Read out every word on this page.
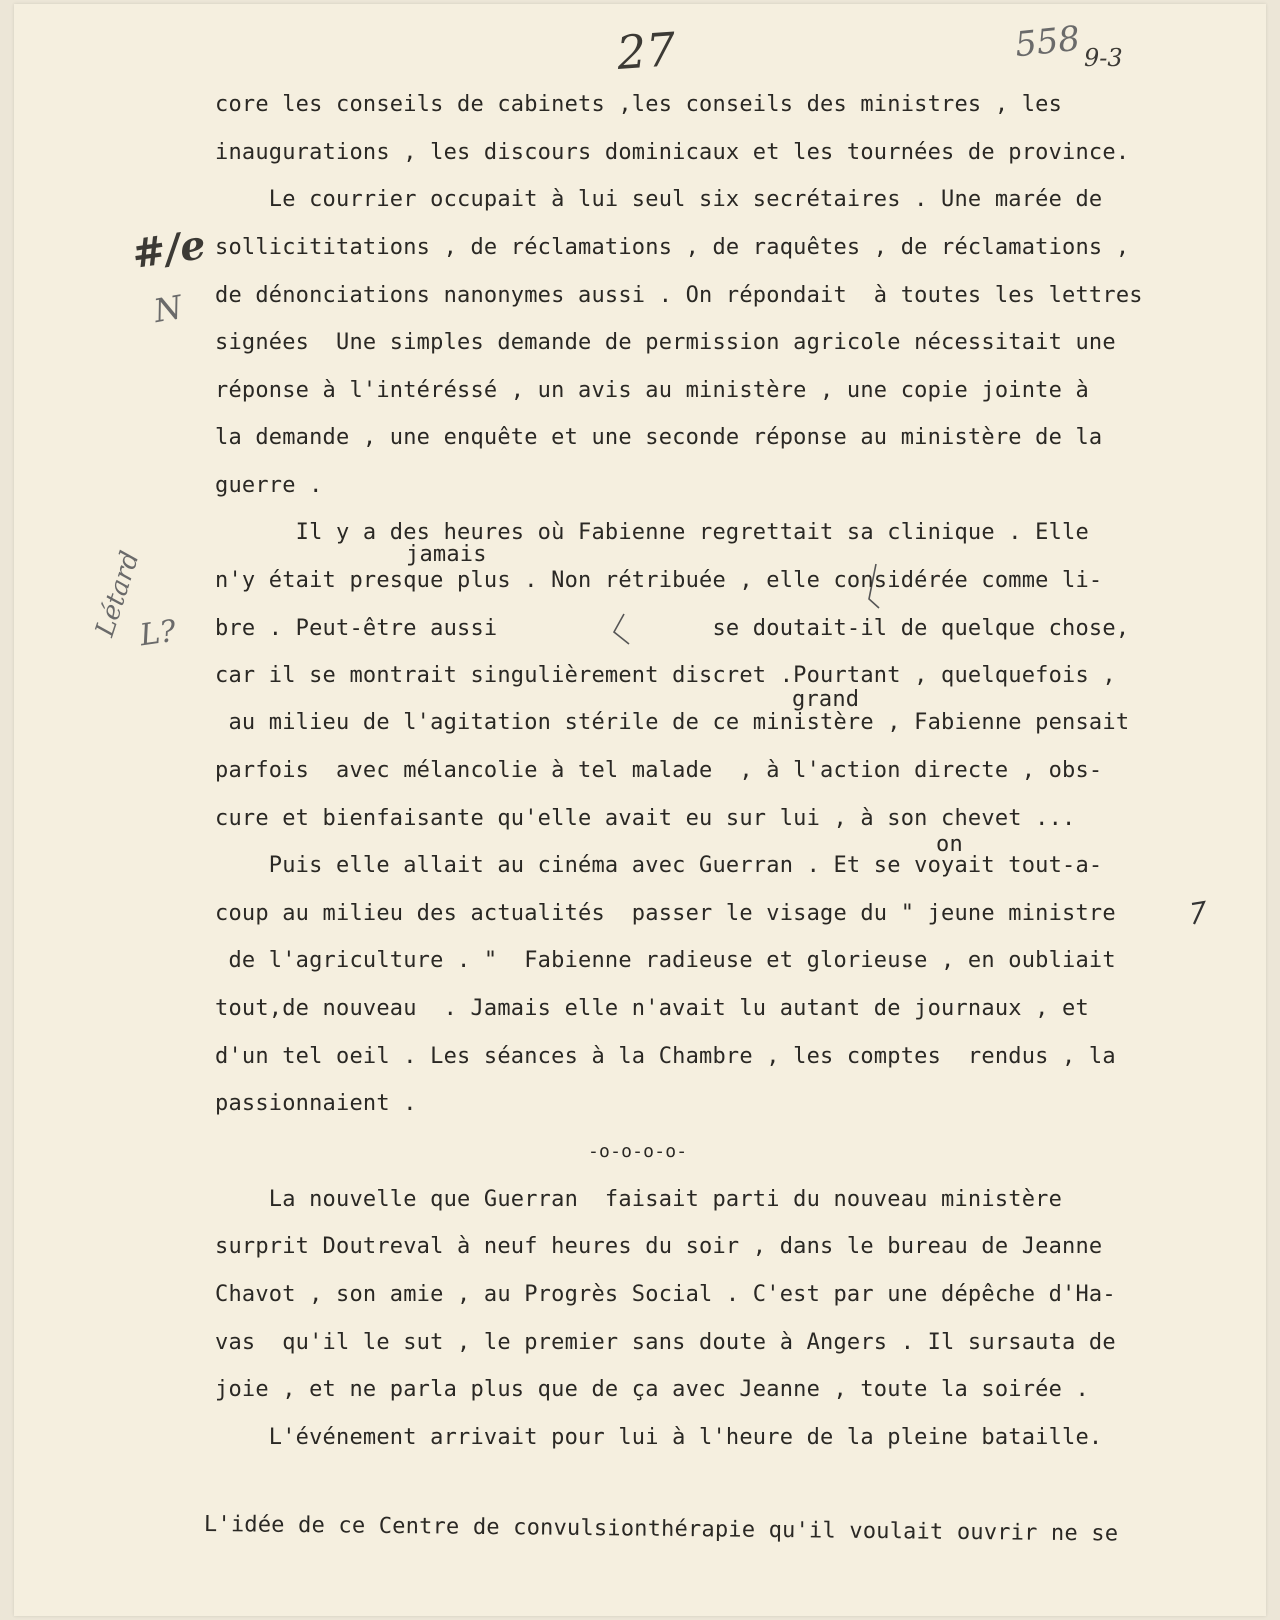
27	558 9-3
#/e
N
Létard
L?
jamais
grand
on
core les conseils de cabinets ,les conseils des ministres , les
inaugurations , les discours dominicaux et les tournées de province.
Le courrier occupait à lui seul six secrétaires . Une marée de
sollicititations , de réclamations , de raquêtes , de réclamations ,
de dénonciations nanonymes aussi . On répondait  à toutes les lettres
signées  Une simples demande de permission agricole nécessitait une
réponse à l'intéréssé , un avis au ministère , une copie jointe à
la demande , une enquête et une seconde réponse au ministère de la
guerre .
Il y a des heures où Fabienne regrettait sa clinique . Elle
n'y était presque plus . Non rétribuée , elle considérée comme li-
bre . Peut-être aussi                se doutait-il de quelque chose,
car il se montrait singulièrement discret .Pourtant , quelquefois ,
au milieu de l'agitation stérile de ce ministère , Fabienne pensait
parfois  avec mélancolie à tel malade  , à l'action directe , obs-
cure et bienfaisante qu'elle avait eu sur lui , à son chevet ...
Puis elle allait au cinéma avec Guerran . Et se voyait tout-a-
coup au milieu des actualités  passer le visage du " jeune ministre
de l'agriculture . "  Fabienne radieuse et glorieuse , en oubliait
tout,de nouveau  . Jamais elle n'avait lu autant de journaux , et
d'un tel oeil . Les séances à la Chambre , les comptes  rendus , la
passionnaient .
-o-o-o-o-
La nouvelle que Guerran  faisait parti du nouveau ministère
surprit Doutreval à neuf heures du soir , dans le bureau de Jeanne
Chavot , son amie , au Progrès Social . C'est par une dépêche d'Ha-
vas  qu'il le sut , le premier sans doute à Angers . Il sursauta de
joie , et ne parla plus que de ça avec Jeanne , toute la soirée .
L'événement arrivait pour lui à l'heure de la pleine bataille.
L'idée de ce Centre de convulsionthérapie qu'il voulait ouvrir ne se
